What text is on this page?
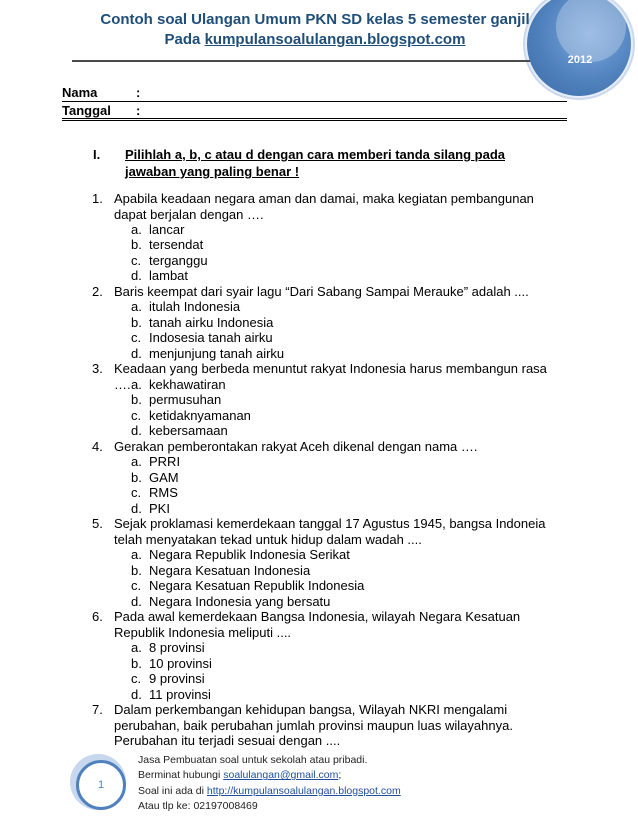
2012
Contoh soal Ulangan Umum PKN SD kelas 5 semester ganjil
Pada kumpulansoalulangan.blogspot.com
Nama	:
Tanggal :
I. Pilihlah a, b, c atau d dengan cara memberi tanda silang pada jawaban yang paling benar !
1. Apabila keadaan negara aman dan damai, maka kegiatan pembangunan dapat berjalan dengan ….
a. lancar
b. tersendat
c. terganggu
d. lambat
2. Baris keempat dari syair lagu “Dari Sabang Sampai Merauke” adalah ....
a. itulah Indonesia
b. tanah airku Indonesia
c. Indosesia tanah airku
d. menjunjung tanah airku
3. Keadaan yang berbeda menuntut rakyat Indonesia harus membangun rasa …. a. kekhawatiran
b. permusuhan
c. ketidaknyamanan
d. kebersamaan
4. Gerakan pemberontakan rakyat Aceh dikenal dengan nama ….
a. PRRI
b. GAM
c. RMS
d. PKI
5. Sejak proklamasi kemerdekaan tanggal 17 Agustus 1945, bangsa Indoneia telah menyatakan tekad untuk hidup dalam wadah ....
a. Negara Republik Indonesia Serikat
b. Negara Kesatuan Indonesia
c. Negara Kesatuan Republik Indonesia
d. Negara Indonesia yang bersatu
6. Pada awal kemerdekaan Bangsa Indonesia, wilayah Negara Kesatuan Republik Indonesia meliputi ....
a. 8 provinsi
b. 10 provinsi
c. 9 provinsi
d. 11 provinsi
7. Dalam perkembangan kehidupan bangsa, Wilayah NKRI mengalami perubahan, baik perubahan jumlah provinsi maupun luas wilayahnya. Perubahan itu terjadi sesuai dengan ....
1
Jasa Pembuatan soal untuk sekolah atau pribadi.
Berminat hubungi soalulangan@gmail.com;
Soal ini ada di http://kumpulansoalulangan.blogspot.com
Atau tlp ke: 02197008469
